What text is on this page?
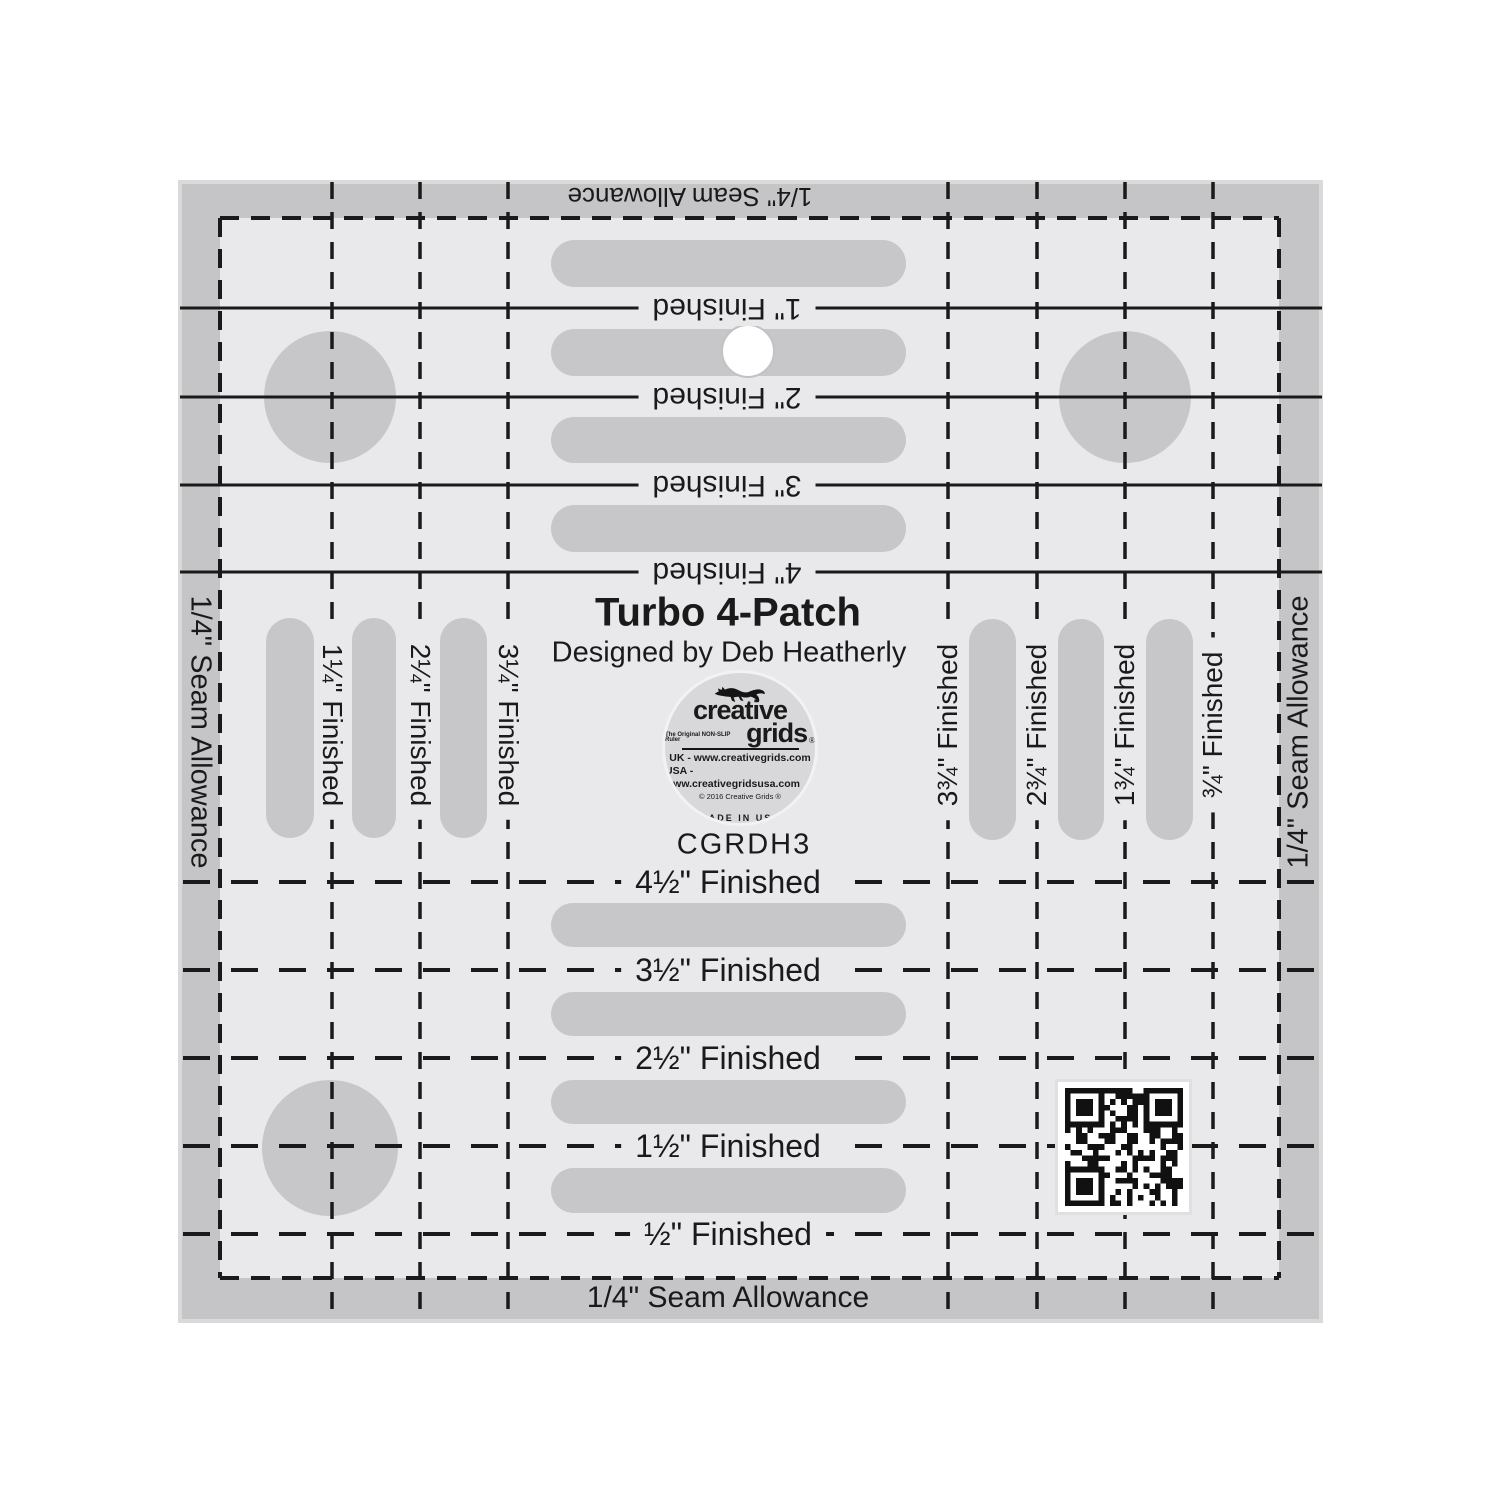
1/4" Seam Allowance
1/4" Seam Allowance
1/4" Seam Allowance	1/4" Seam Allowance
1" Finished
2" Finished
3" Finished
4" Finished
4½" Finished
3½" Finished
2½" Finished
1½" Finished
½" Finished
1¼" Finished 2¼" Finished 3¼" Finished	3¾" Finished 2¾" Finished 1¾" Finished ¾" Finished
Turbo 4-Patch
Designed by Deb Heatherly
creative
The Original NON-SLIP Ruler	grids ®
UK - www.creativegrids.com
USA - www.creativegridsusa.com
© 2016 Creative Grids ®
MADE IN USA
CGRDH3
